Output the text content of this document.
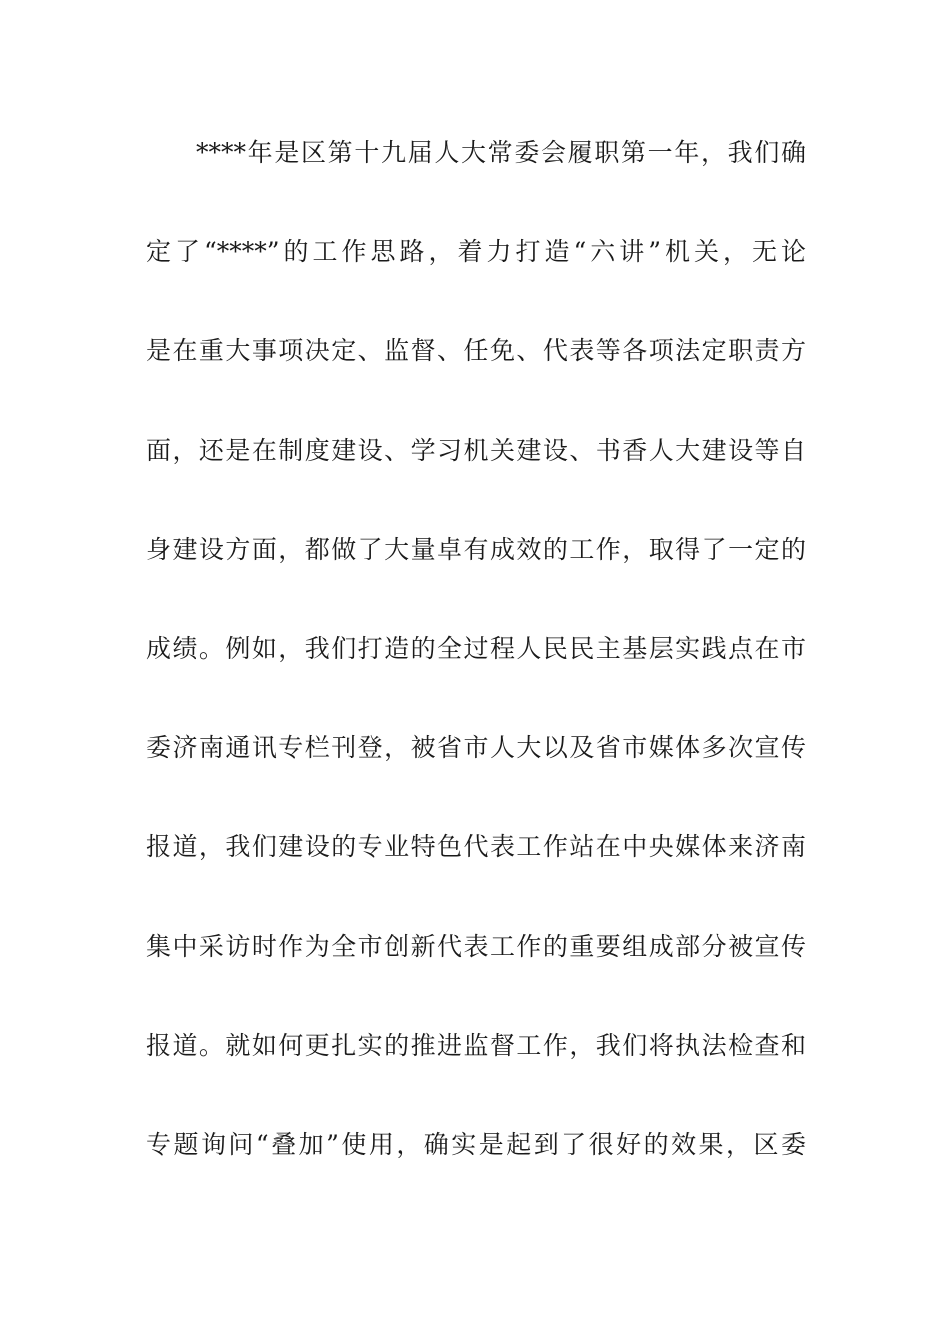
****年是区第十九届人大常委会履职第一年，我们确
定了“****”的工作思路，着力打造“六讲”机关，无论
是在重大事项决定、监督、任免、代表等各项法定职责方
面，还是在制度建设、学习机关建设、书香人大建设等自
身建设方面，都做了大量卓有成效的工作，取得了一定的
成绩。例如，我们打造的全过程人民民主基层实践点在市
委济南通讯专栏刊登，被省市人大以及省市媒体多次宣传
报道，我们建设的专业特色代表工作站在中央媒体来济南
集中采访时作为全市创新代表工作的重要组成部分被宣传
报道。就如何更扎实的推进监督工作，我们将执法检查和
专题询问“叠加”使用，确实是起到了很好的效果，区委
